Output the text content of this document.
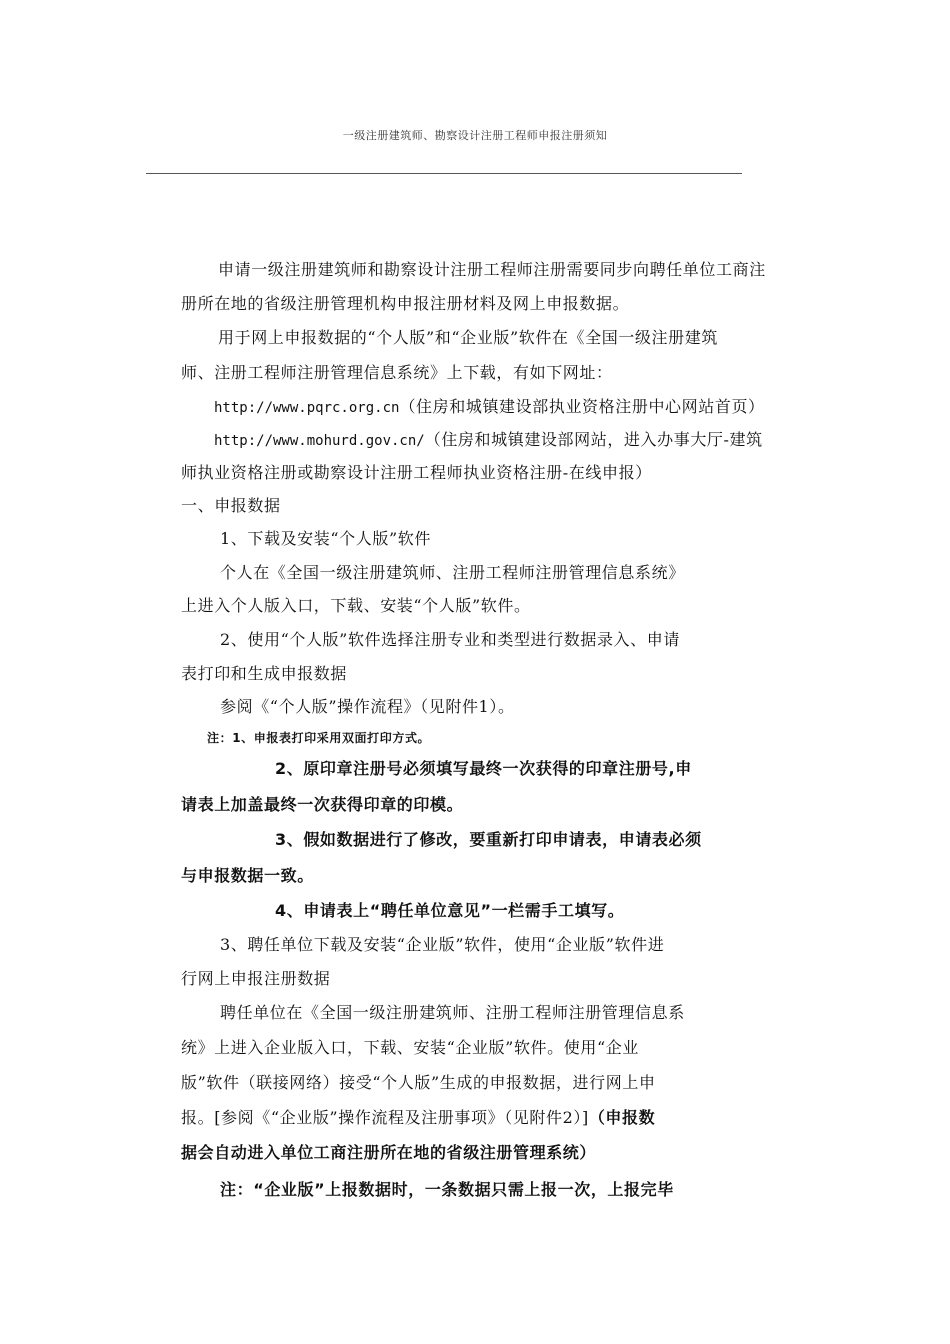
一级注册建筑师、勘察设计注册工程师申报注册须知
申请一级注册建筑师和勘察设计注册工程师注册需要同步向聘任单位工商注
册所在地的省级注册管理机构申报注册材料及网上申报数据。
用于网上申报数据的“个人版”和“企业版”软件在《全国一级注册建筑
师、注册工程师注册管理信息系统》上下载，有如下网址：
http://www.pqrc.org.cn（住房和城镇建设部执业资格注册中心网站首页）
http://www.mohurd.gov.cn/（住房和城镇建设部网站，进入办事大厅-建筑
师执业资格注册或勘察设计注册工程师执业资格注册-在线申报）
一、申报数据
1、下载及安装“个人版”软件
个人在《全国一级注册建筑师、注册工程师注册管理信息系统》
上进入个人版入口，下载、安装“个人版”软件。
2、使用“个人版”软件选择注册专业和类型进行数据录入、申请
表打印和生成申报数据
参阅《“个人版”操作流程》（见附件1）。
注：1、申报表打印采用双面打印方式。
2、原印章注册号必须填写最终一次获得的印章注册号,申
请表上加盖最终一次获得印章的印模。
3、假如数据进行了修改，要重新打印申请表，申请表必须
与申报数据一致。
4、申请表上“聘任单位意见”一栏需手工填写。
3、聘任单位下载及安装“企业版”软件，使用“企业版”软件进
行网上申报注册数据
聘任单位在《全国一级注册建筑师、注册工程师注册管理信息系
统》上进入企业版入口，下载、安装“企业版”软件。使用“企业
版”软件（联接网络）接受“个人版”生成的申报数据，进行网上申
报。[参阅《“企业版”操作流程及注册事项》（见附件2）]（申报数
据会自动进入单位工商注册所在地的省级注册管理系统）
注：“企业版”上报数据时，一条数据只需上报一次，上报完毕
